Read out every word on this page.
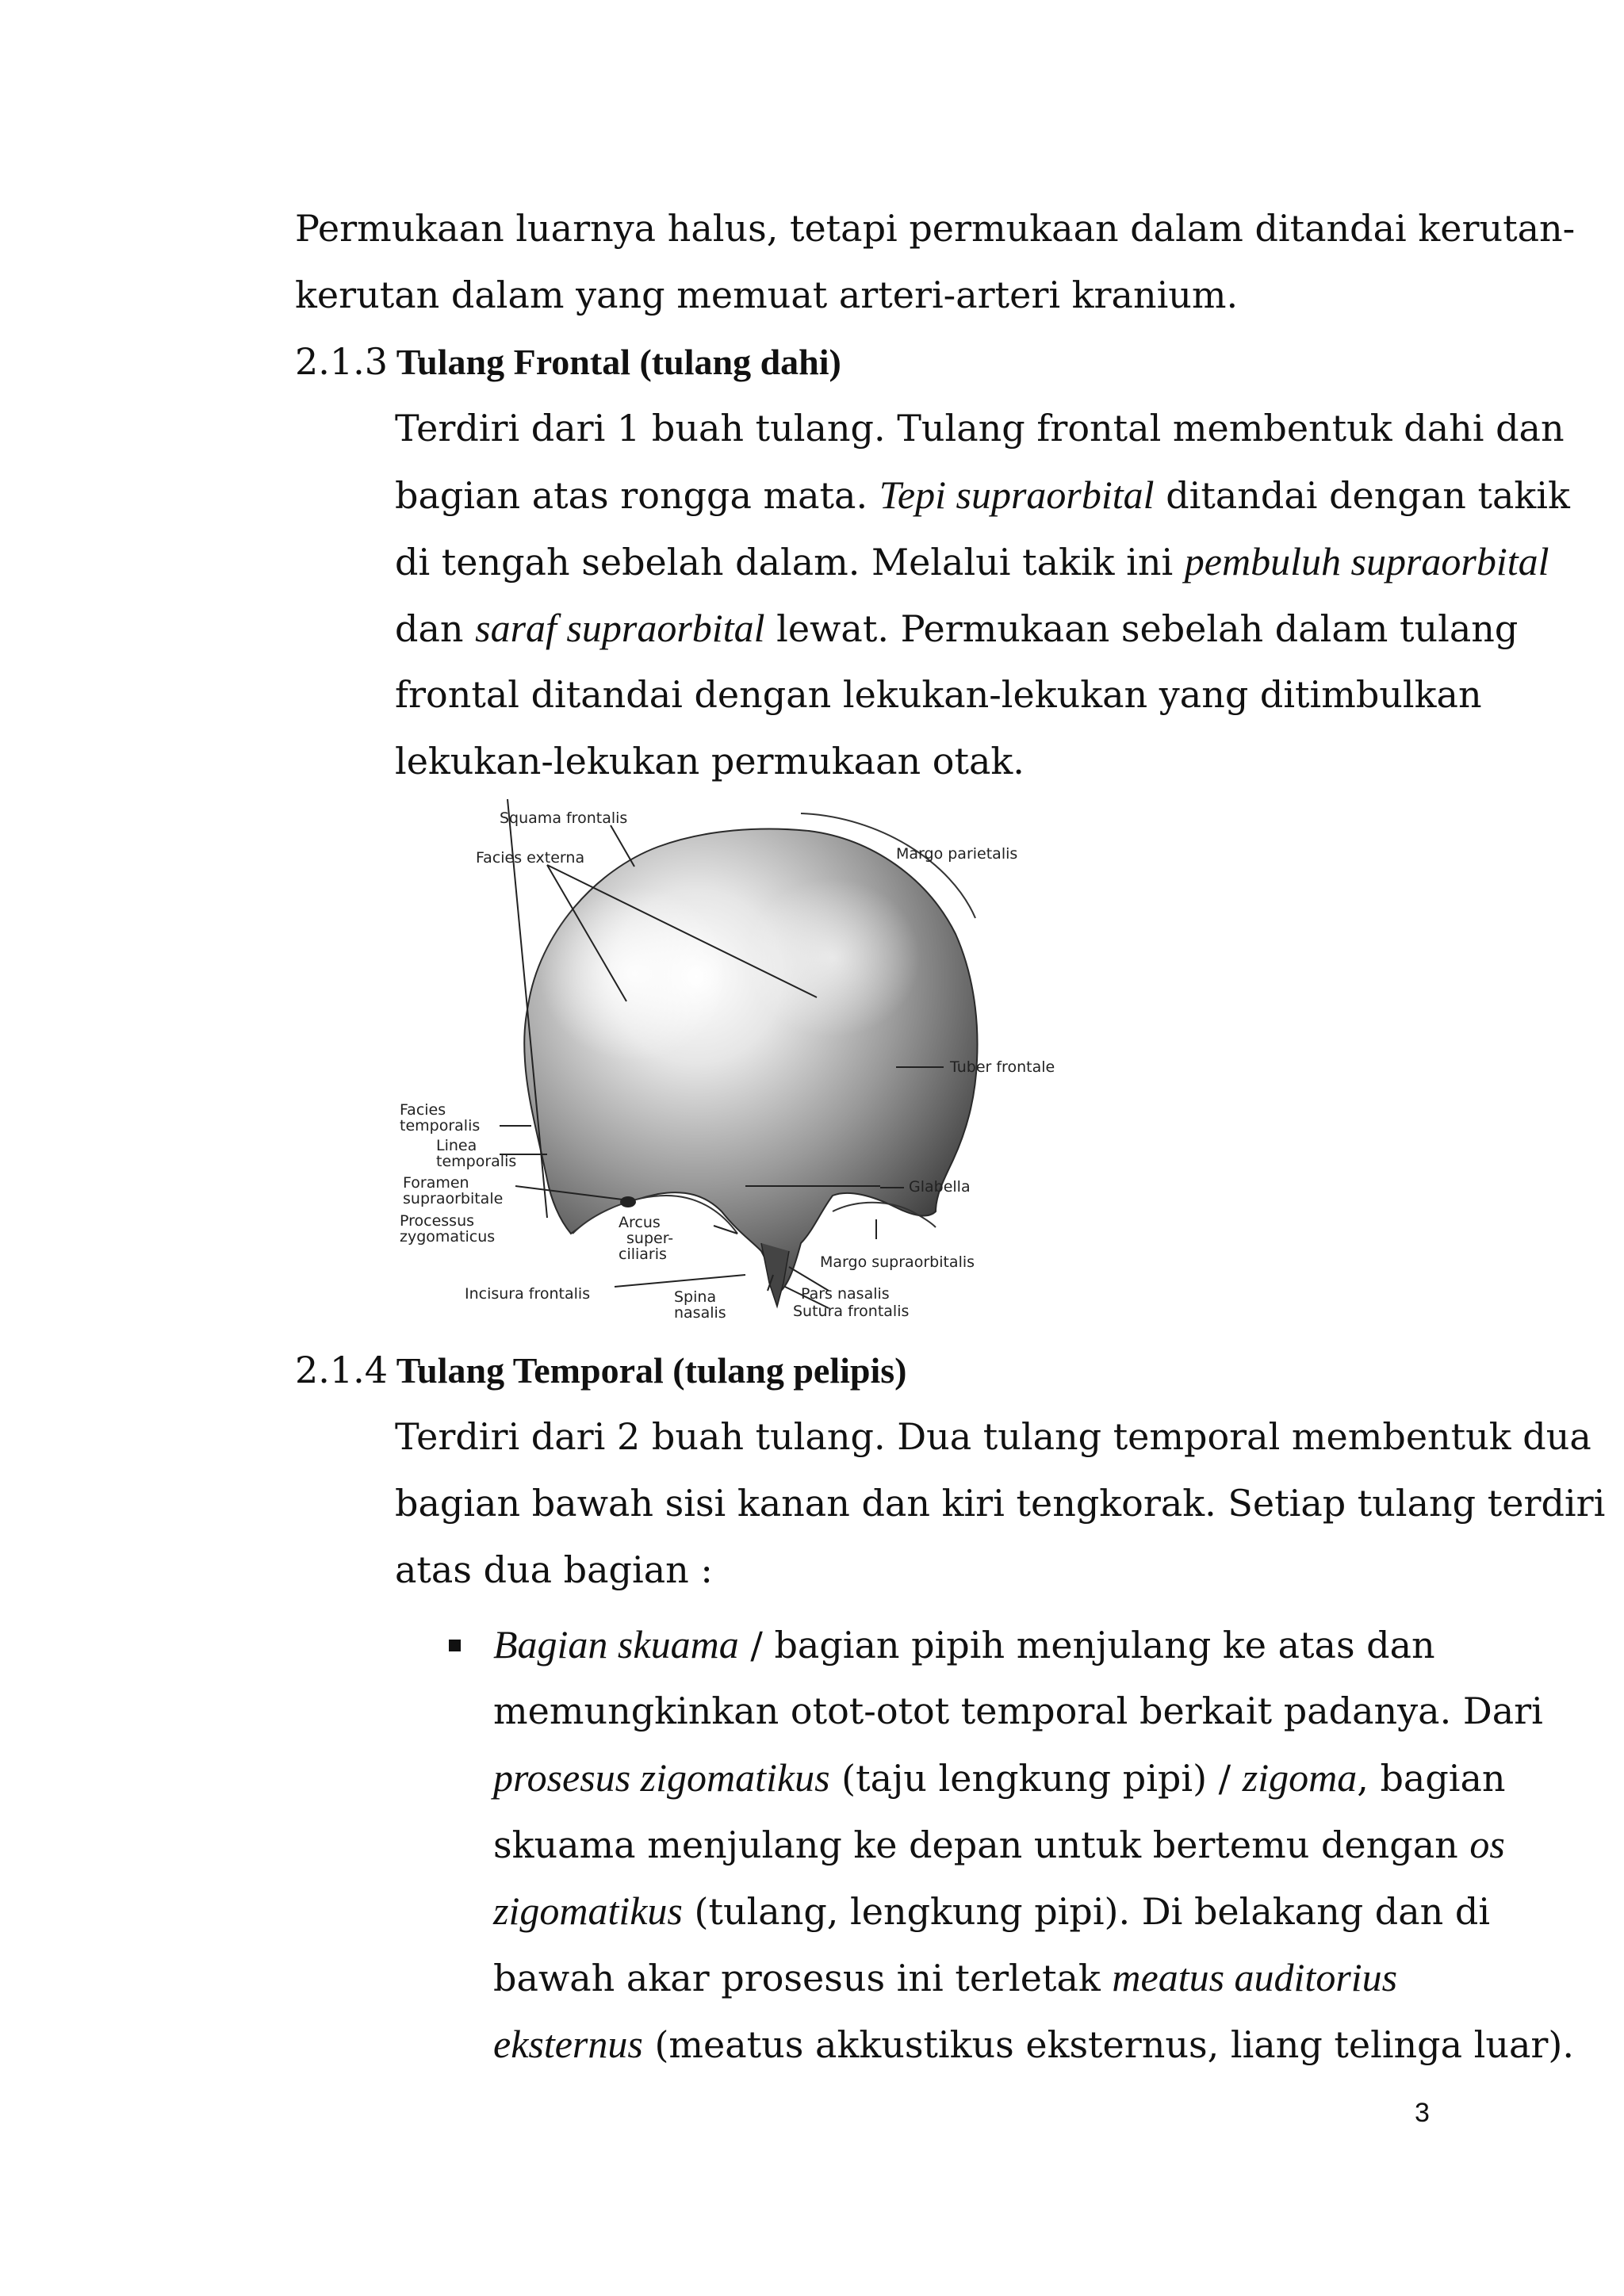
Permukaan luarnya halus, tetapi permukaan dalam ditandai kerutan-

kerutan dalam yang memuat arteri-arteri kranium.

2.1.3 Tulang Frontal (tulang dahi)

Terdiri dari 1 buah tulang. Tulang frontal membentuk dahi dan

bagian atas rongga mata. Tepi supraorbital ditandai dengan takik

di tengah sebelah dalam. Melalui takik ini pembuluh supraorbital

dan saraf supraorbital lewat. Permukaan sebelah dalam tulang

frontal ditandai dengan lekukan-lekukan yang ditimbulkan

lekukan-lekukan permukaan otak.

Squama frontalis
Facies externa	Margo parietalis
Tuber frontale
Facies
temporalis
Linea
temporalis
Foramen
supraorbitale
Processus
zygomaticus
Arcus
super-
ciliaris
Glabella
Margo supraorbitalis
Incisura frontalis	Spina
nasalis
Pars nasalis
Sutura frontalis
2.1.4 Tulang Temporal (tulang pelipis)

Terdiri dari 2 buah tulang. Dua tulang temporal membentuk dua

bagian bawah sisi kanan dan kiri tengkorak. Setiap tulang terdiri

atas dua bagian :

Bagian skuama / bagian pipih menjulang ke atas dan

memungkinkan otot-otot temporal berkait padanya. Dari

prosesus zigomatikus (taju lengkung pipi) / zigoma, bagian

skuama menjulang ke depan untuk bertemu dengan os

zigomatikus (tulang, lengkung pipi). Di belakang dan di

bawah akar prosesus ini terletak meatus auditorius

eksternus (meatus akkustikus eksternus, liang telinga luar).

3
